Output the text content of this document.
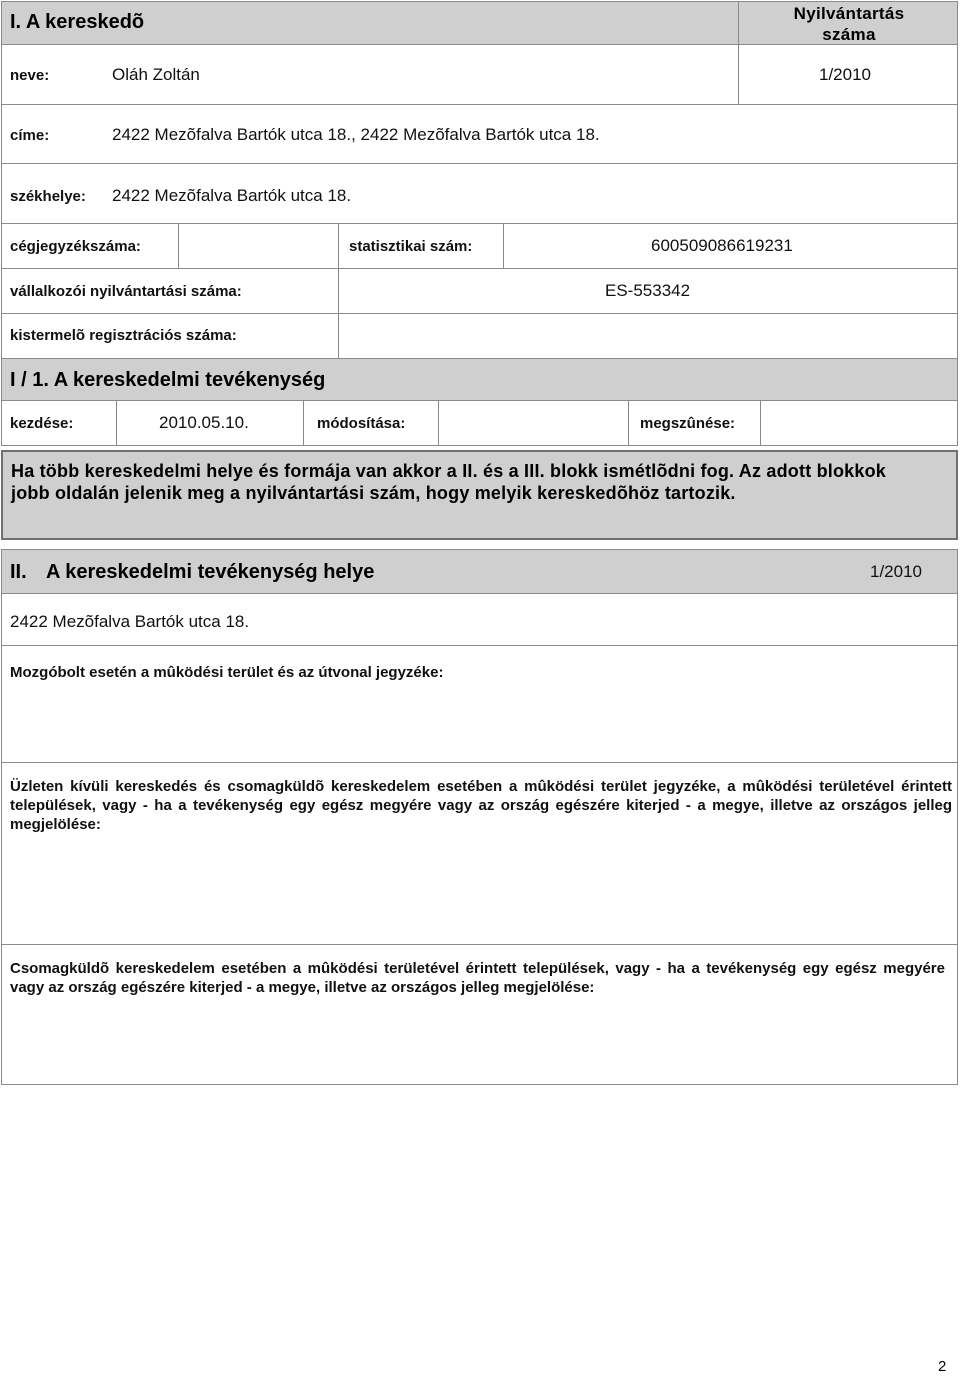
I. A kereskedõ	Nyilvántartás száma
neve:	Oláh Zoltán	1/2010
címe:	2422 Mezõfalva Bartók utca 18., 2422 Mezõfalva Bartók utca 18.
székhelye: 2422 Mezõfalva Bartók utca 18.
cégjegyzékszáma:	statisztikai szám:	600509086619231
vállalkozói nyilvántartási száma:	ES-553342
kistermelõ regisztrációs száma:
I / 1. A kereskedelmi tevékenység
kezdése:	2010.05.10.	módosítása:	megszûnése:
Ha több kereskedelmi helye és formája van akkor a II. és a III. blokk ismétlõdni fog. Az adott blokkok jobb oldalán jelenik meg a nyilvántartási szám, hogy melyik kereskedõhöz tartozik.
II. A kereskedelmi tevékenység helye	1/2010
2422 Mezõfalva Bartók utca 18.
Mozgóbolt esetén a mûködési terület és az útvonal jegyzéke:
Üzleten kívüli kereskedés és csomagküldõ kereskedelem esetében a mûködési terület jegyzéke, a mûködési területével érintett települések, vagy - ha a tevékenység egy egész megyére vagy az ország egészére kiterjed - a megye, illetve az országos jelleg megjelölése:
Csomagküldõ kereskedelem esetében a mûködési területével érintett települések, vagy - ha a tevékenység egy egész megyére vagy az ország egészére kiterjed - a megye, illetve az országos jelleg megjelölése:
2
